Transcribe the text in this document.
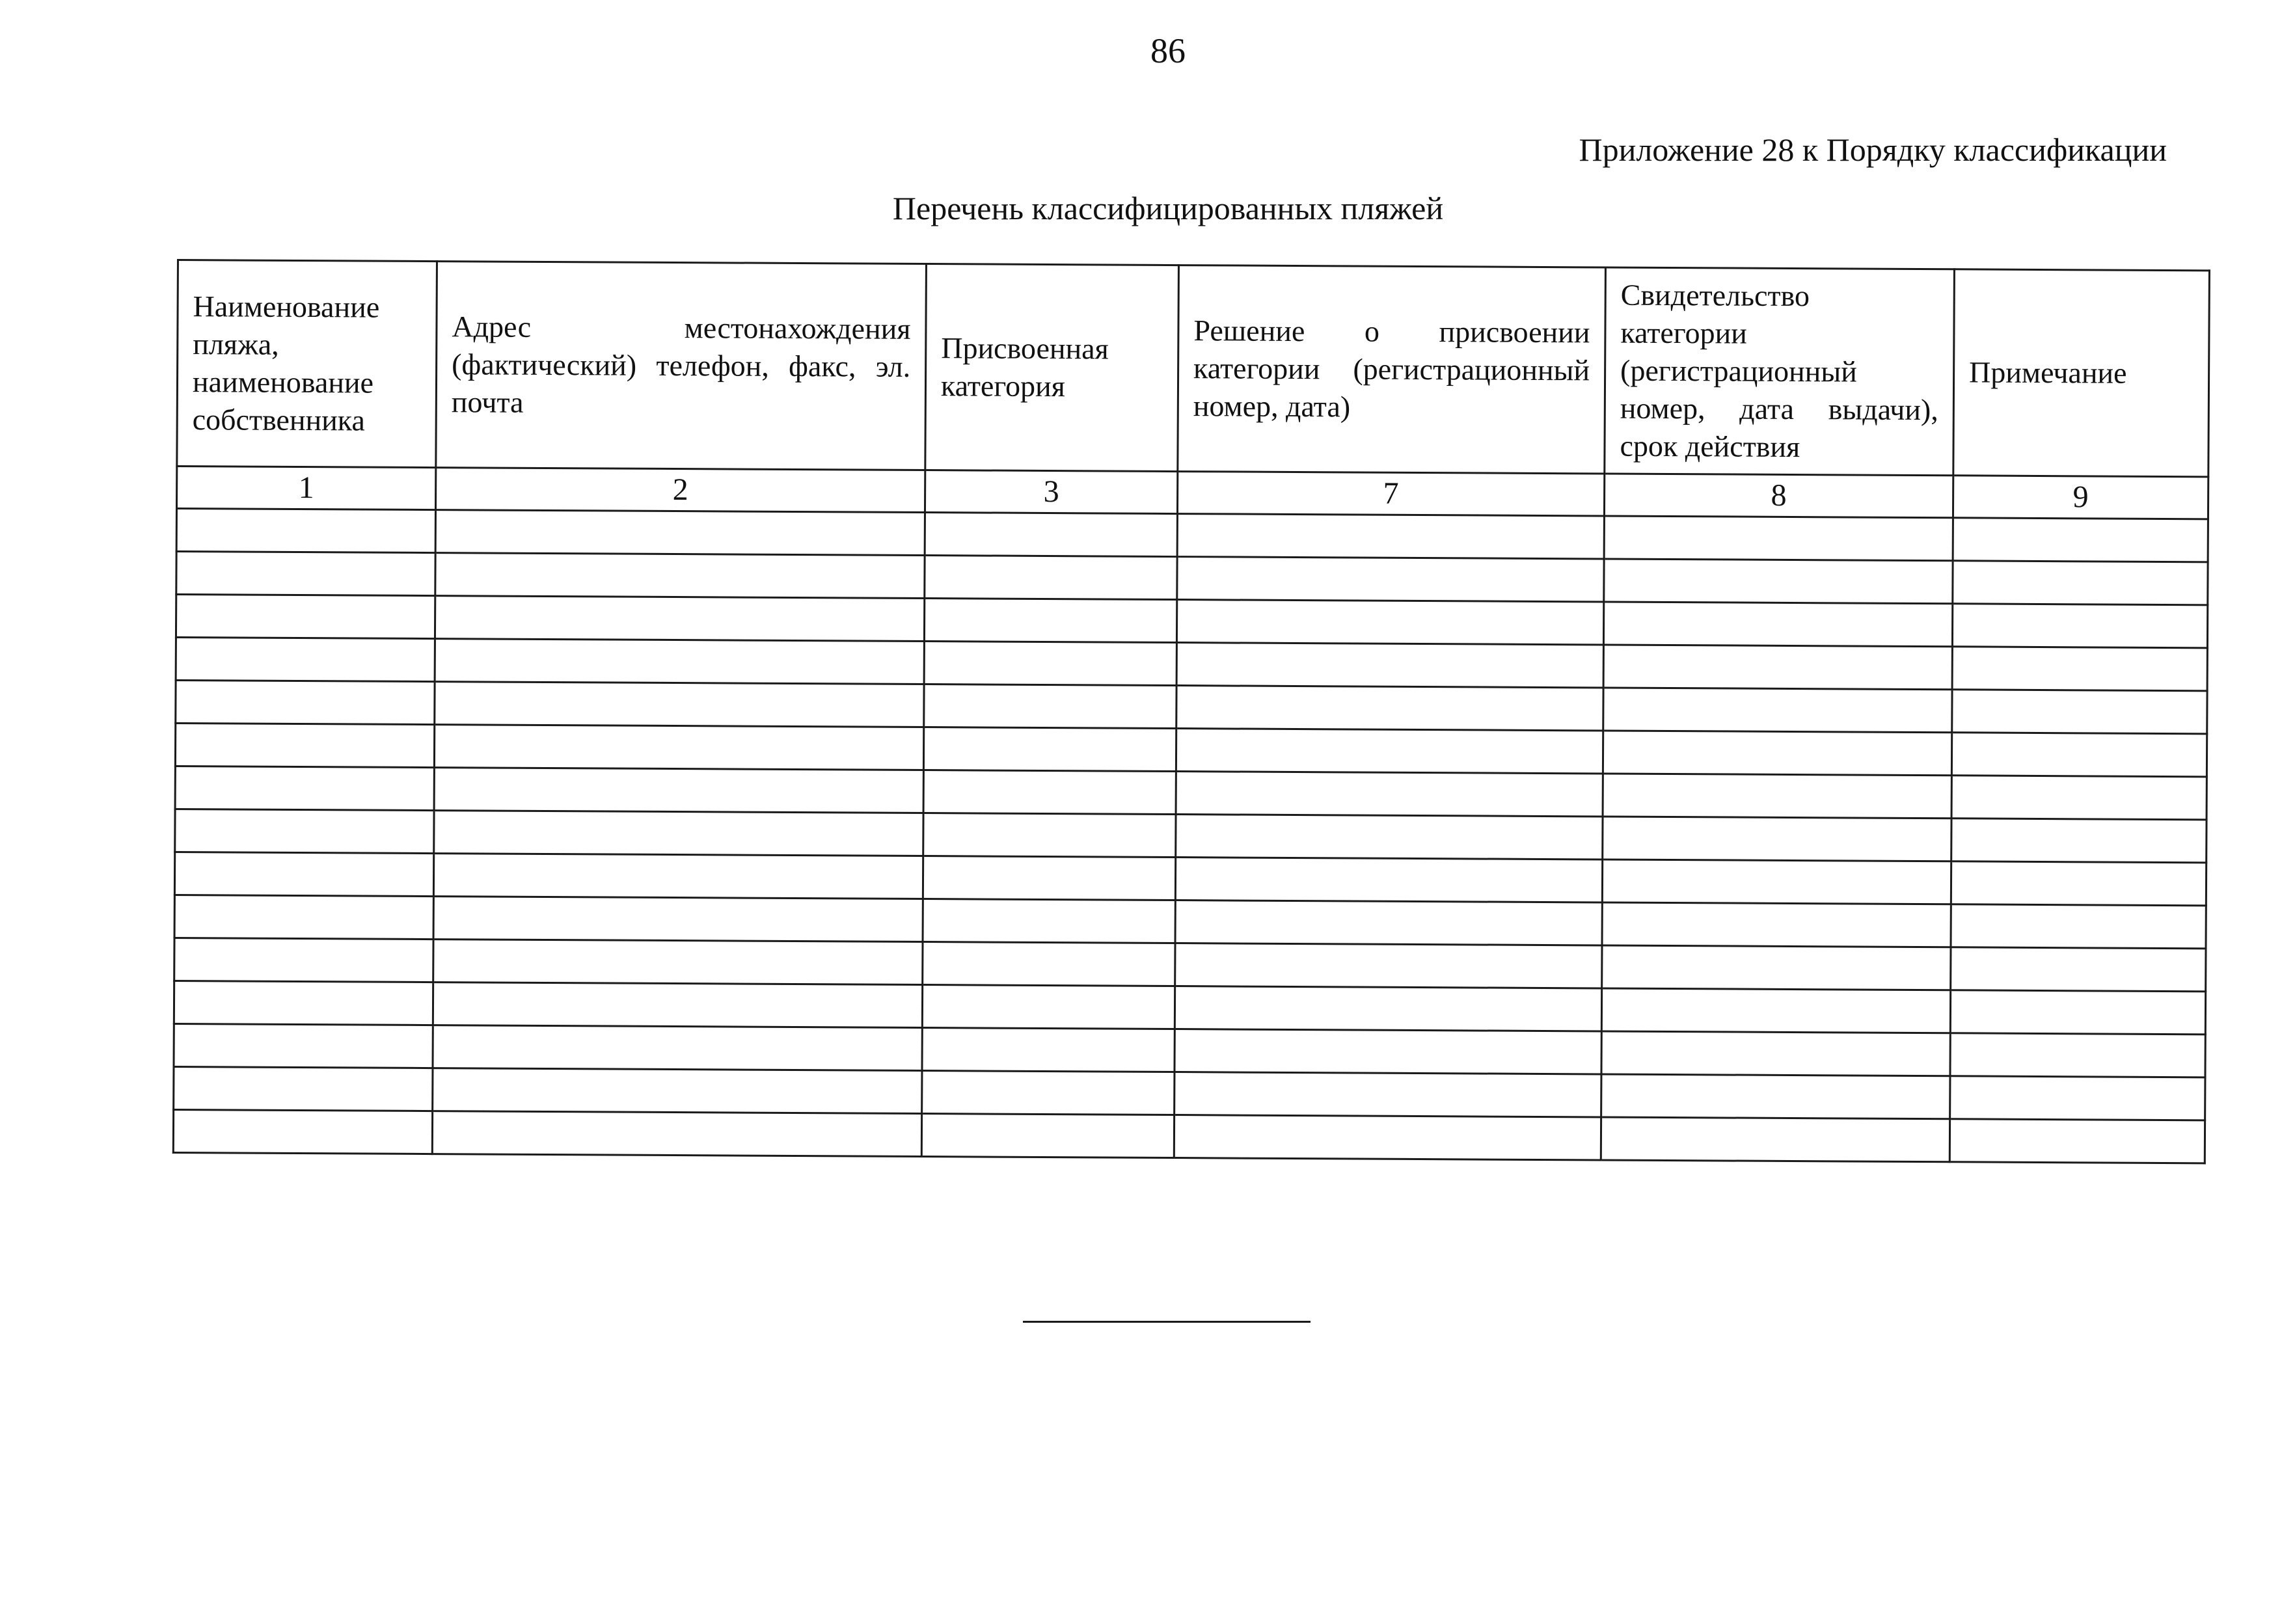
86
Приложение 28 к Порядку классификации
Перечень классифицированных пляжей
Наименование пляжа, наименование собственника	Адрес местонахождения (фактический) телефон, факс, эл. почта	Присвоенная категория	Решение о присвоении категории (регистрационный номер, дата)	Свидетельство категории (регистрационный номер, дата выдачи), срок действия	Примечание
1	2	3	7	8	9
